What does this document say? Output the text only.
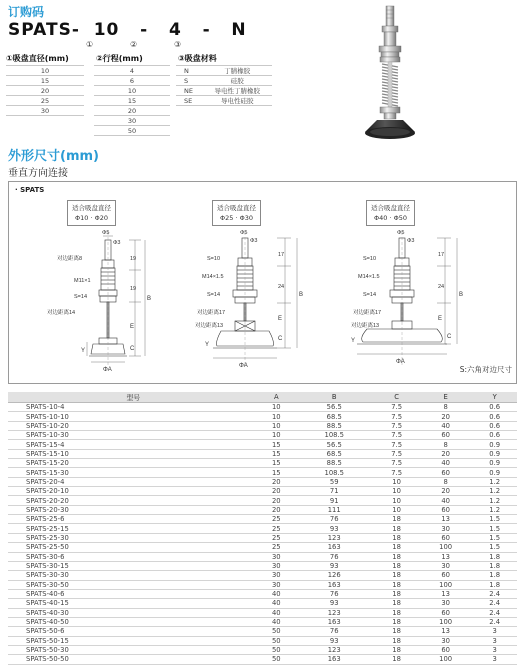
订购码
SPATS- 10 - 4 - N
①	②	③
①吸盘直径(mm)
10
15
20
25
30
②行程(mm)
4
6
10
15
20
30
50
③吸盘材料
N	丁腈橡胶
S	硅胶
NE	导电性丁腈橡胶
SE	导电性硅胶
外形尺寸(mm)
垂直方向连接
· SPATS
适合吸盘直径
Φ10 · Φ20
适合吸盘直径
Φ25 · Φ30
适合吸盘直径
Φ40 · Φ50
Φ5
Φ3
对边距离8
M11×1
S=14
对边距离14
19
19
B
E
C
Y
ΦA
Φ5
Φ3
S=10
M14×1.5
S=14
对边距离17
对边距离13
17
24
B
E
C
Y
ΦA
Φ5
Φ3
S=10
M14×1.5
S=14
对边距离17
对边距离13
17
24
B
E
C
Y
ΦA
S:六角对边尺寸
型号	A	B	C	E	Y
SPATS-10-4	10	56.5	7.5	8	0.6
SPATS-10-10	10	68.5	7.5	20	0.6
SPATS-10-20	10	88.5	7.5	40	0.6
SPATS-10-30	10	108.5	7.5	60	0.6
SPATS-15-4	15	56.5	7.5	8	0.9
SPATS-15-10	15	68.5	7.5	20	0.9
SPATS-15-20	15	88.5	7.5	40	0.9
SPATS-15-30	15	108.5	7.5	60	0.9
SPATS-20-4	20	59	10	8	1.2
SPATS-20-10	20	71	10	20	1.2
SPATS-20-20	20	91	10	40	1.2
SPATS-20-30	20	111	10	60	1.2
SPATS-25-6	25	76	18	13	1.5
SPATS-25-15	25	93	18	30	1.5
SPATS-25-30	25	123	18	60	1.5
SPATS-25-50	25	163	18	100	1.5
SPATS-30-6	30	76	18	13	1.8
SPATS-30-15	30	93	18	30	1.8
SPATS-30-30	30	126	18	60	1.8
SPATS-30-50	30	163	18	100	1.8
SPATS-40-6	40	76	18	13	2.4
SPATS-40-15	40	93	18	30	2.4
SPATS-40-30	40	123	18	60	2.4
SPATS-40-50	40	163	18	100	2.4
SPATS-50-6	50	76	18	13	3
SPATS-50-15	50	93	18	30	3
SPATS-50-30	50	123	18	60	3
SPATS-50-50	50	163	18	100	3
